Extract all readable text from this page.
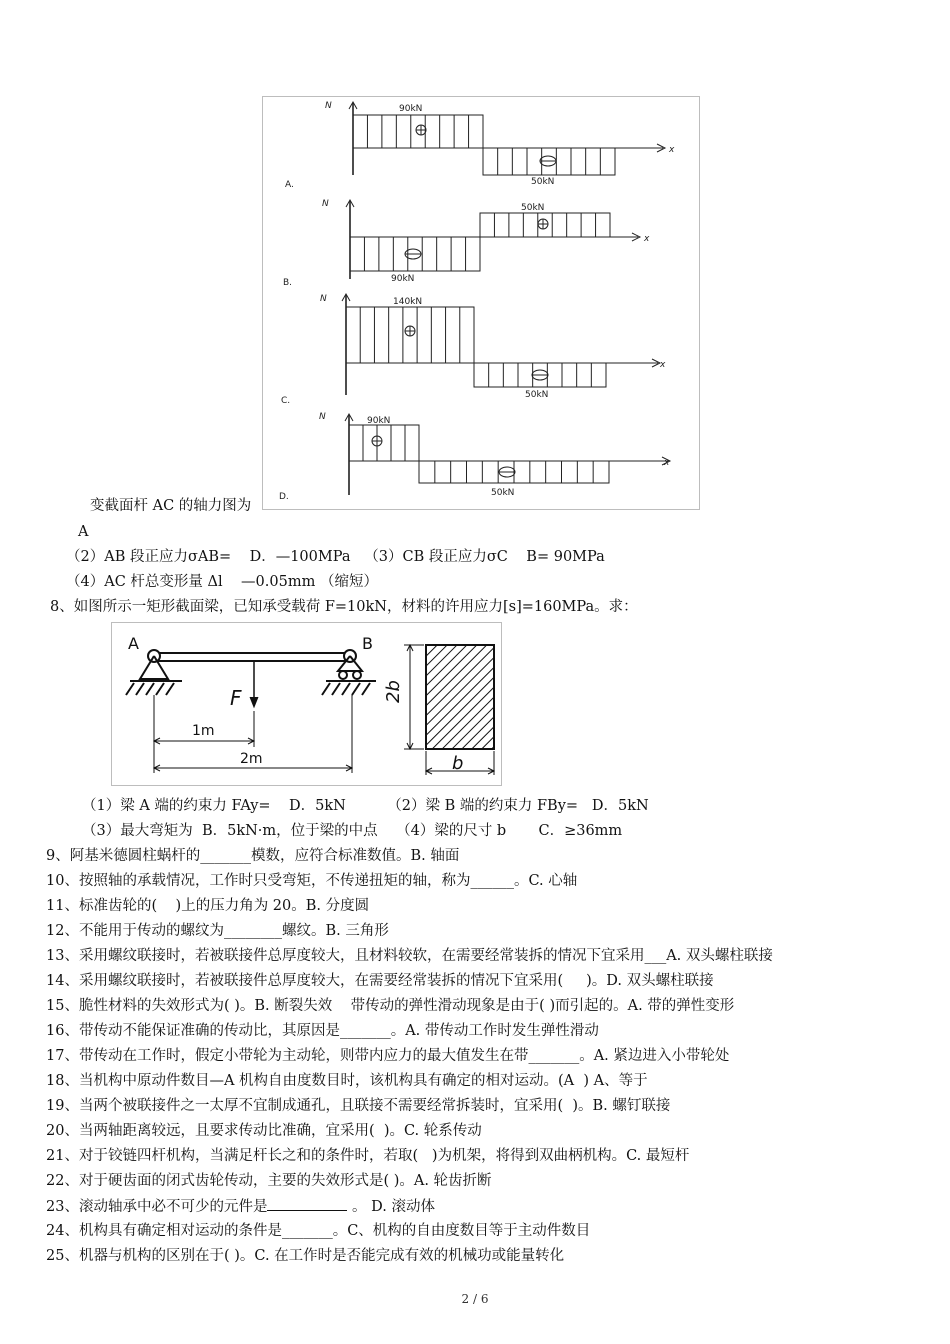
N
x
90kN
50kN
A.
N
x
50kN
90kN
B.
N
x
140kN
50kN
C.
N
x
90kN
50kN
D.
A	B
F
1m
2m
2b
b
变截面杆 AC 的轴力图为
A
（2）AB 段正应力σAB=    D．—100MPa   （3）CB 段正应力σC    B= 90MPa
（4）AC 杆总变形量 Δl    —0.05mm （缩短）
8、如图所示一矩形截面梁，已知承受载荷 F=10kN，材料的许用应力[s]=160MPa。求：
（1）梁 A 端的约束力 FAy=    D．5kN         （2）梁 B 端的约束力 FBy=   D．5kN
（3）最大弯矩为  B．5kN·m，位于梁的中点    （4）梁的尺寸 b       C．≥36mm
9、阿基米德圆柱蜗杆的_______模数，应符合标准数值。B. 轴面
10、按照轴的承载情况，工作时只受弯矩，不传递扭矩的轴，称为______。C. 心轴
11、标准齿轮的(    )上的压力角为 20。B. 分度圆
12、不能用于传动的螺纹为________螺纹。B. 三角形
13、采用螺纹联接时，若被联接件总厚度较大，且材料较软，在需要经常装拆的情况下宜采用___A. 双头螺柱联接
14、采用螺纹联接时，若被联接件总厚度较大，在需要经常装拆的情况下宜采用(     )。D. 双头螺柱联接
15、脆性材料的失效形式为( )。B. 断裂失效    带传动的弹性滑动现象是由于( )而引起的。A. 带的弹性变形
16、带传动不能保证准确的传动比，其原因是_______。A. 带传动工作时发生弹性滑动
17、带传动在工作时，假定小带轮为主动轮，则带内应力的最大值发生在带_______。A. 紧边进入小带轮处
18、当机构中原动件数目—A 机构自由度数目时，该机构具有确定的相对运动。(A  ) A、等于
19、当两个被联接件之一太厚不宜制成通孔，且联接不需要经常拆装时，宜采用(  )。B. 螺钉联接
20、当两轴距离较远，且要求传动比准确，宜采用(  )。C. 轮系传动
21、对于铰链四杆机构，当满足杆长之和的条件时，若取(   )为机架，将得到双曲柄机构。C. 最短杆
22、对于硬齿面的闭式齿轮传动，主要的失效形式是( )。A. 轮齿折断
23、滚动轴承中必不可少的元件是	。 D. 滚动体
24、机构具有确定相对运动的条件是_______。C、机构的自由度数目等于主动件数目
25、机器与机构的区别在于( )。C. 在工作时是否能完成有效的机械功或能量转化
2 / 6
